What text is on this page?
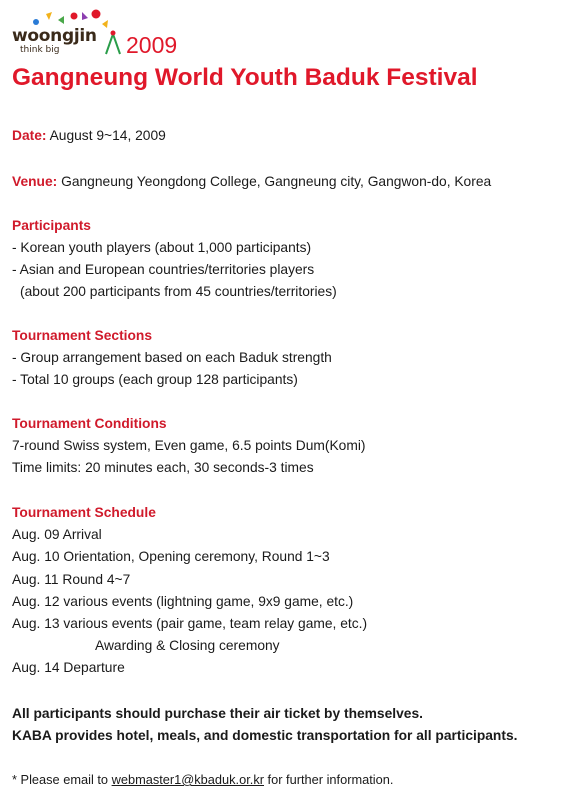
woongjin
think big	2009
Gangneung World Youth Baduk Festival
Date: August 9~14, 2009
Venue: Gangneung Yeongdong College, Gangneung city, Gangwon-do, Korea
Participants
- Korean youth players (about 1,000 participants)
- Asian and European countries/territories players
(about 200 participants from 45 countries/territories)
Tournament Sections
- Group arrangement based on each Baduk strength
- Total 10 groups (each group 128 participants)
Tournament Conditions
7-round Swiss system, Even game, 6.5 points Dum(Komi)
Time limits: 20 minutes each, 30 seconds-3 times
Tournament Schedule
Aug. 09 Arrival
Aug. 10 Orientation, Opening ceremony, Round 1~3
Aug. 11 Round 4~7
Aug. 12 various events (lightning game, 9x9 game, etc.)
Aug. 13 various events (pair game, team relay game, etc.)
Awarding & Closing ceremony
Aug. 14 Departure
All participants should purchase their air ticket by themselves.
KABA provides hotel, meals, and domestic transportation for all participants.
* Please email to webmaster1@kbaduk.or.kr for further information.
